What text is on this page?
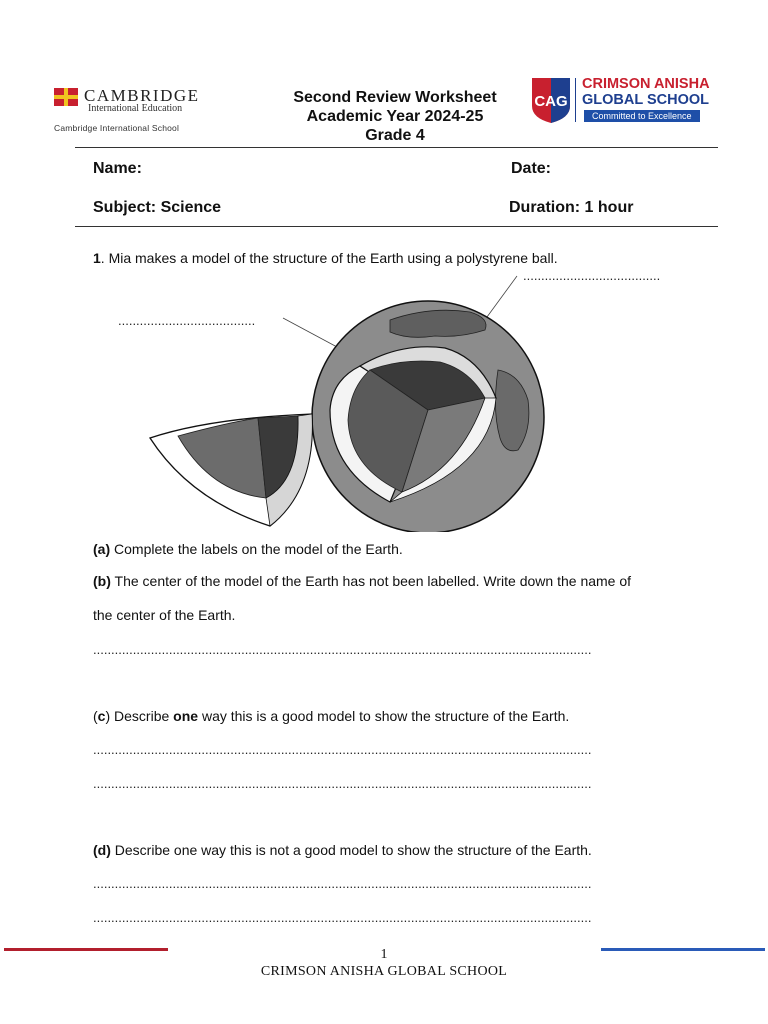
CAMBRIDGE
International Education
Cambridge International School
Second Review Worksheet
Academic Year 2024-25
Grade 4
CAG
CRIMSON ANISHA
GLOBAL SCHOOL
Committed to Excellence
Name:	Date:
Subject: Science	Duration: 1 hour
1. Mia makes a model of the structure of the Earth using a polystyrene ball.
......................................
......................................
(a) Complete the labels on the model of the Earth.
(b) The center of the model of the Earth has not been labelled. Write down the name of
the center of the Earth.
..........................................................................................................................................
(c) Describe one way this is a good model to show the structure of the Earth.
..........................................................................................................................................
..........................................................................................................................................
(d) Describe one way this is not a good model to show the structure of the Earth.
..........................................................................................................................................
..........................................................................................................................................
1
CRIMSON ANISHA GLOBAL SCHOOL
